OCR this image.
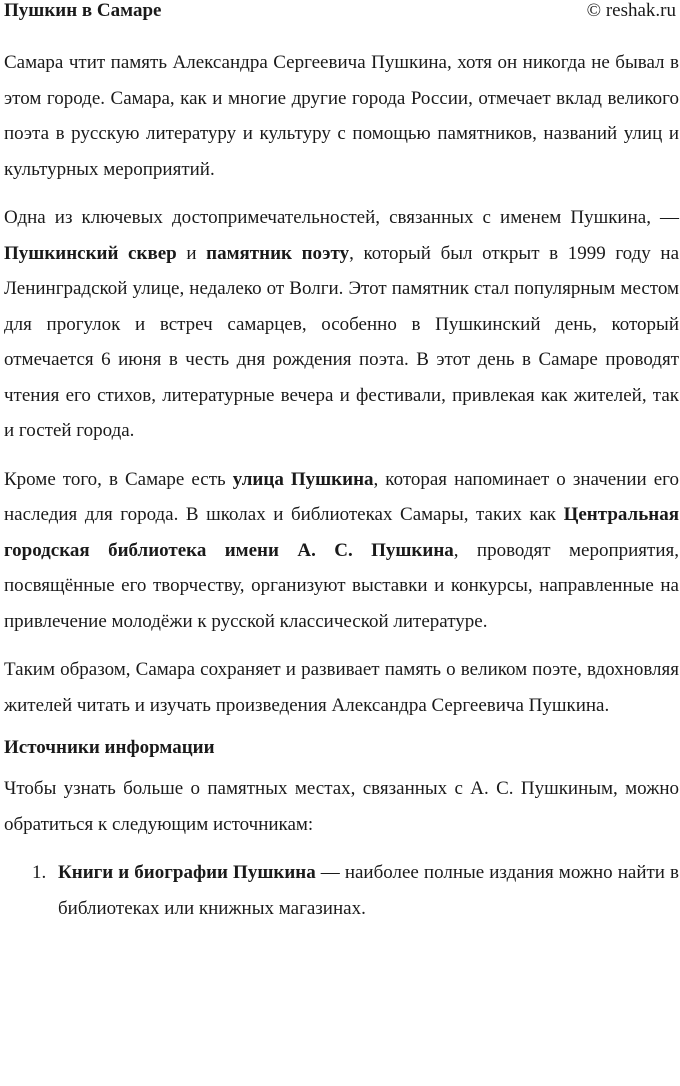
Пушкин в Самаре	© reshak.ru

Самара чтит память Александра Сергеевича Пушкина, хотя он никогда не бывал в этом городе. Самара, как и многие другие города России, отмечает вклад великого поэта в русскую литературу и культуру с помощью памятников, названий улиц и культурных мероприятий.

Одна из ключевых достопримечательностей, связанных с именем Пушкина, — Пушкинский сквер и памятник поэту, который был открыт в 1999 году на Ленинградской улице, недалеко от Волги. Этот памятник стал популярным местом для прогулок и встреч самарцев, особенно в Пушкинский день, который отмечается 6 июня в честь дня рождения поэта. В этот день в Самаре проводят чтения его стихов, литературные вечера и фестивали, привлекая как жителей, так и гостей города.

Кроме того, в Самаре есть улица Пушкина, которая напоминает о значении его наследия для города. В школах и библиотеках Самары, таких как Центральная городская библиотека имени А. С. Пушкина, проводят мероприятия, посвящённые его творчеству, организуют выставки и конкурсы, направленные на привлечение молодёжи к русской классической литературе.

Таким образом, Самара сохраняет и развивает память о великом поэте, вдохновляя жителей читать и изучать произведения Александра Сергеевича Пушкина.

Источники информации

Чтобы узнать больше о памятных местах, связанных с А. С. Пушкиным, можно обратиться к следующим источникам:

1. Книги и биографии Пушкина — наиболее полные издания можно найти в библиотеках или книжных магазинах.
